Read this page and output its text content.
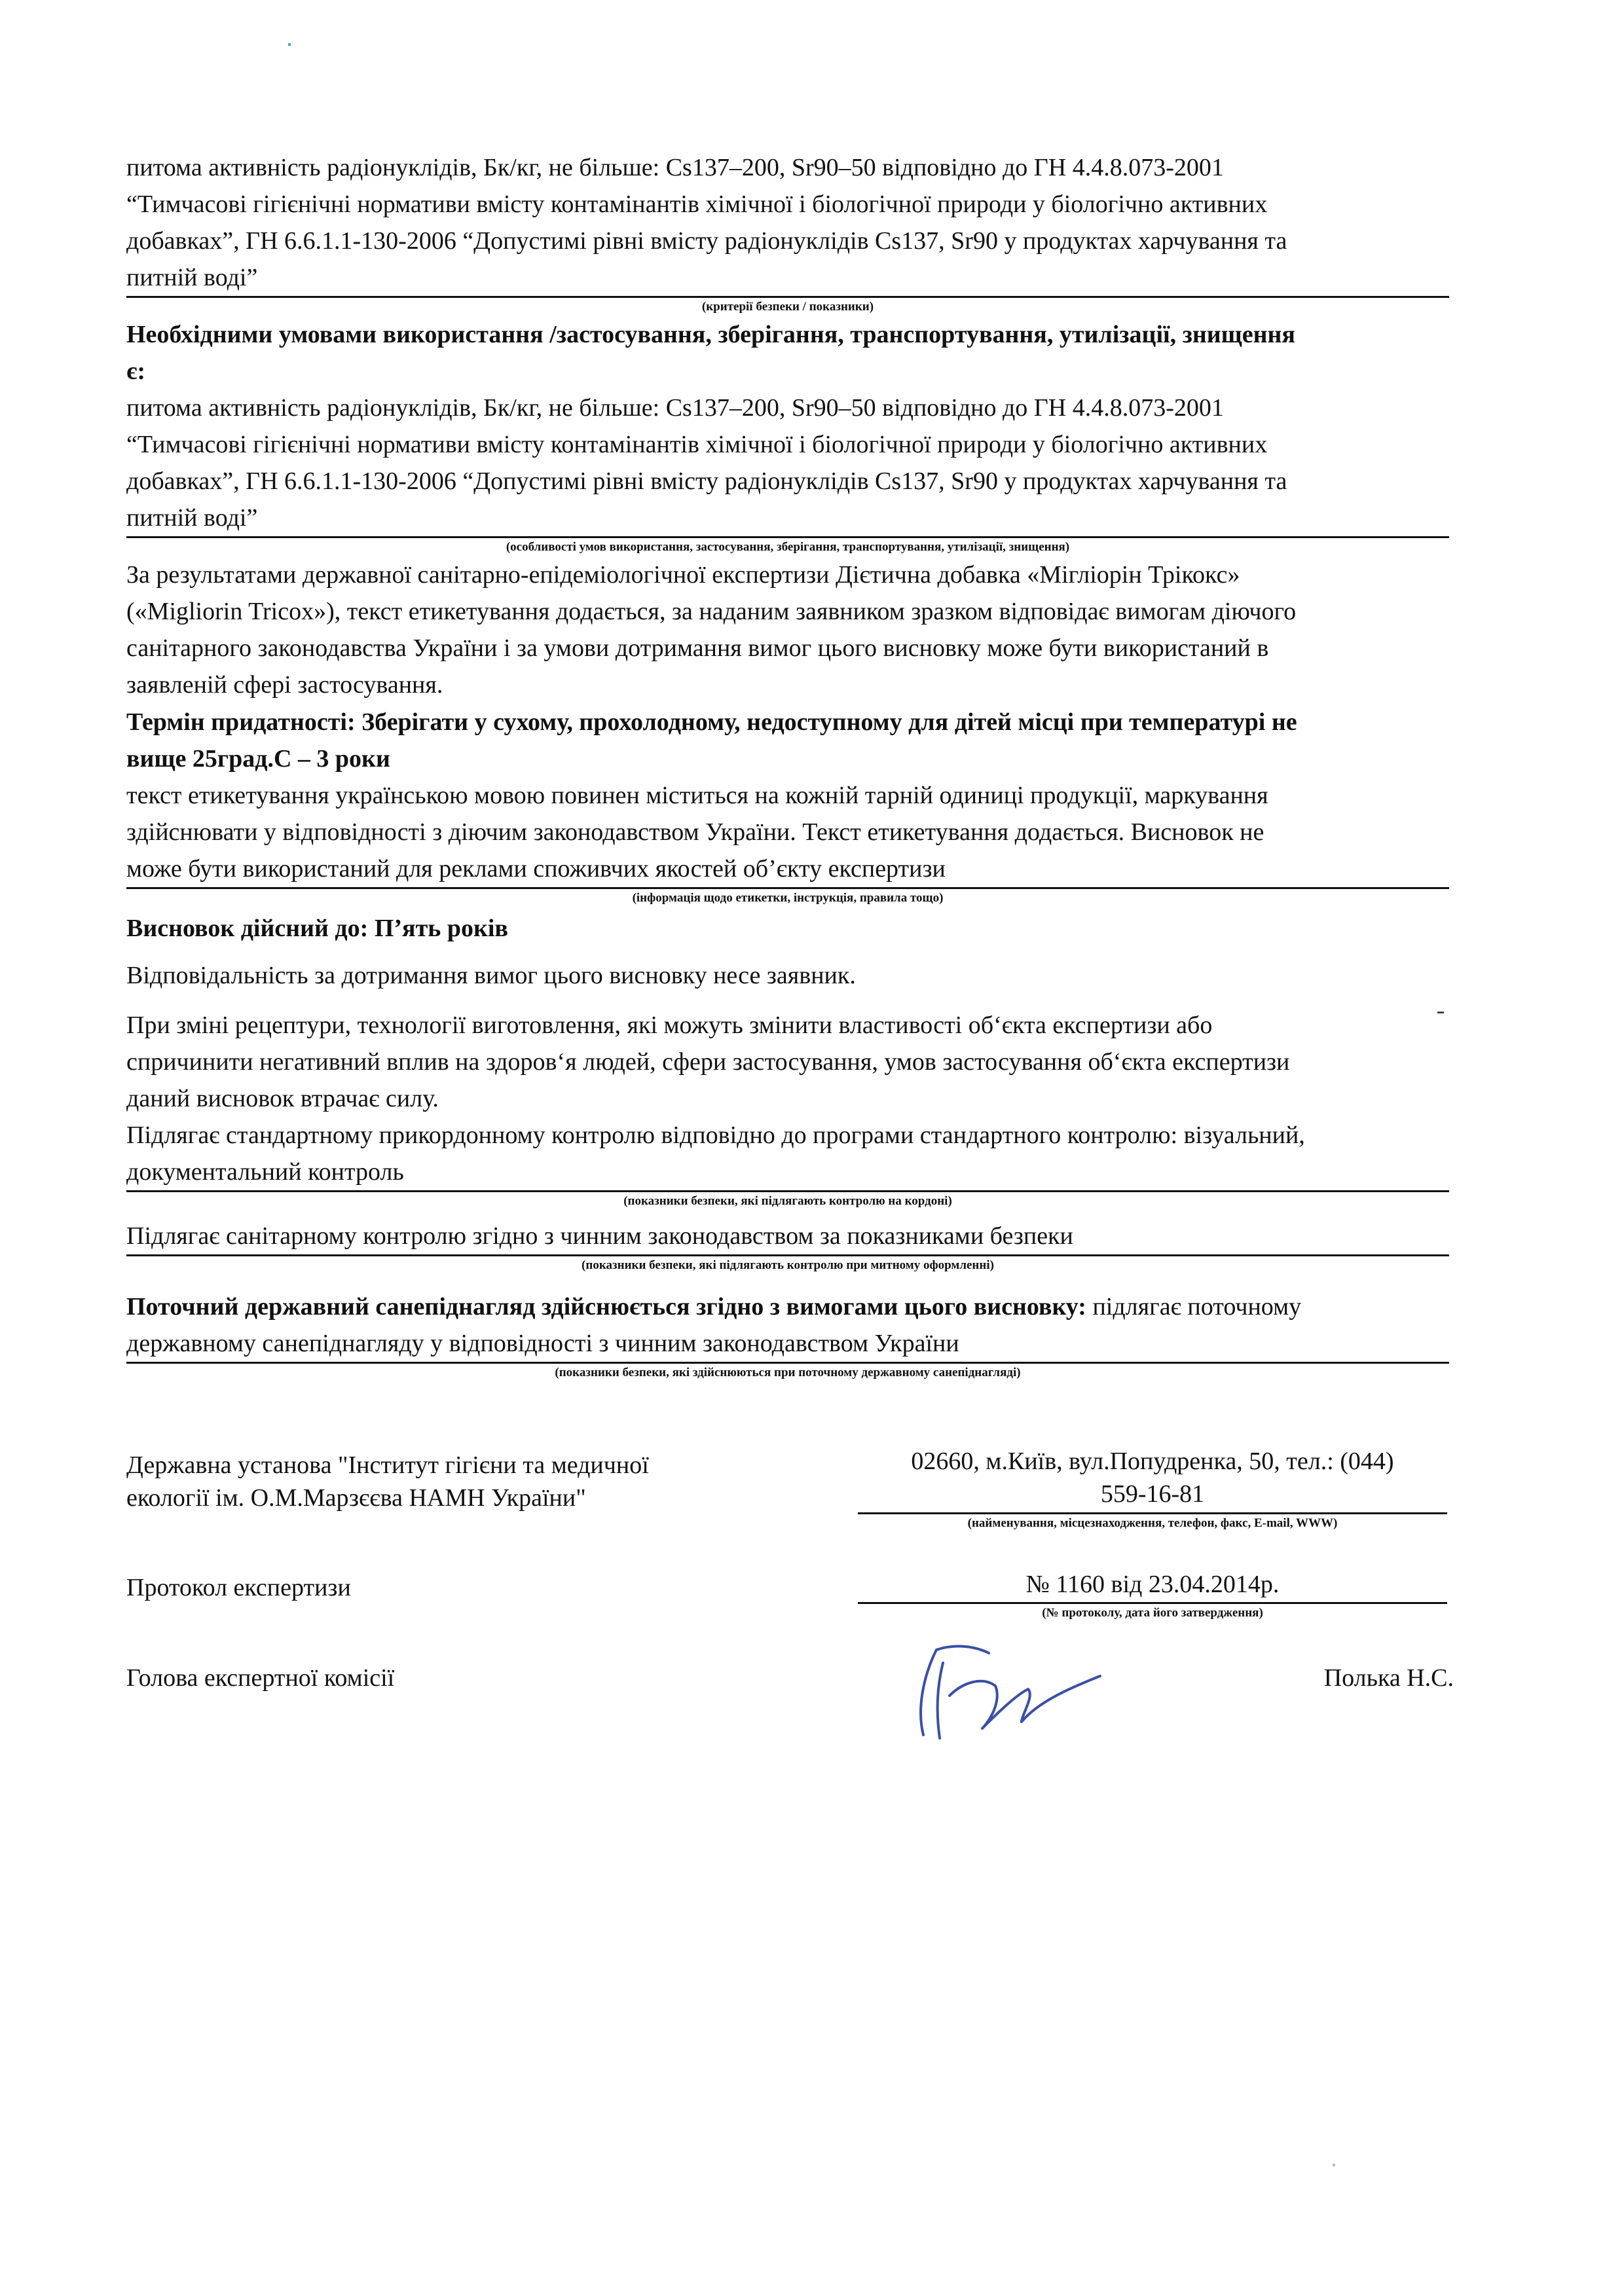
питома активність радіонуклідів, Бк/кг, не більше: Cs137–200, Sr90–50 відповідно до ГН 4.4.8.073-2001

“Тимчасові гігієнічні нормативи вмісту контамінантів хімічної і біологічної природи у біологічно активних

добавках”, ГН 6.6.1.1-130-2006 “Допустимі рівні вмісту радіонуклідів Cs137, Sr90 у продуктах харчування та

питній воді”

(критерії безпеки / показники)

Необхідними умовами використання /застосування, зберігання, транспортування, утилізації, знищення

є:

питома активність радіонуклідів, Бк/кг, не більше: Cs137–200, Sr90–50 відповідно до ГН 4.4.8.073-2001

“Тимчасові гігієнічні нормативи вмісту контамінантів хімічної і біологічної природи у біологічно активних

добавках”, ГН 6.6.1.1-130-2006 “Допустимі рівні вмісту радіонуклідів Cs137, Sr90 у продуктах харчування та

питній воді”

(особливості умов використання, застосування, зберігання, транспортування, утилізації, знищення)

За результатами державної санітарно-епідеміологічної експертизи Дієтична добавка «Мігліорін Трікокс»

(«Migliorin Tricox»), текст етикетування додається, за наданим заявником зразком відповідає вимогам діючого

санітарного законодавства України і за умови дотримання вимог цього висновку може бути використаний в

заявленій сфері застосування.

Термін придатності: Зберігати у сухому, прохолодному, недоступному для дітей місці при температурі не

вище 25град.С – 3 роки

текст етикетування українською мовою повинен міститься на кожній тарній одиниці продукції, маркування

здійснювати у відповідності з діючим законодавством України. Текст етикетування додається. Висновок не

може бути використаний для реклами споживчих якостей об’єкту експертизи

(інформація щодо етикетки, інструкція, правила тощо)

Висновок дійсний до: П’ять років

Відповідальність за дотримання вимог цього висновку несе заявник.

При зміні рецептури, технології виготовлення, які можуть змінити властивості об‘єкта експертизи або

спричинити негативний вплив на здоров‘я людей, сфери застосування, умов застосування об‘єкта експертизи

даний висновок втрачає силу.

Підлягає стандартному прикордонному контролю відповідно до програми стандартного контролю: візуальний,

документальний контроль

(показники безпеки, які підлягають контролю на кордоні)

Підлягає санітарному контролю згідно з чинним законодавством за показниками безпеки

(показники безпеки, які підлягають контролю при митному оформленні)

Поточний державний санепіднагляд здійснюється згідно з вимогами цього висновку: підлягає поточному

державному санепіднагляду у відповідності з чинним законодавством України

(показники безпеки, які здійснюються при поточному державному санепіднагляді)

Державна установа "Інститут гігієни та медичної
екології ім. О.М.Марзєєва НАМН України"
02660, м.Київ, вул.Попудренка, 50, тел.: (044)
559-16-81

(найменування, місцезнаходження, телефон, факс, E-mail, WWW)

Протокол експертизи	№ 1160 від 23.04.2014р.

(№ протоколу, дата його затвердження)

Голова експертної комісії	Полька Н.С.
